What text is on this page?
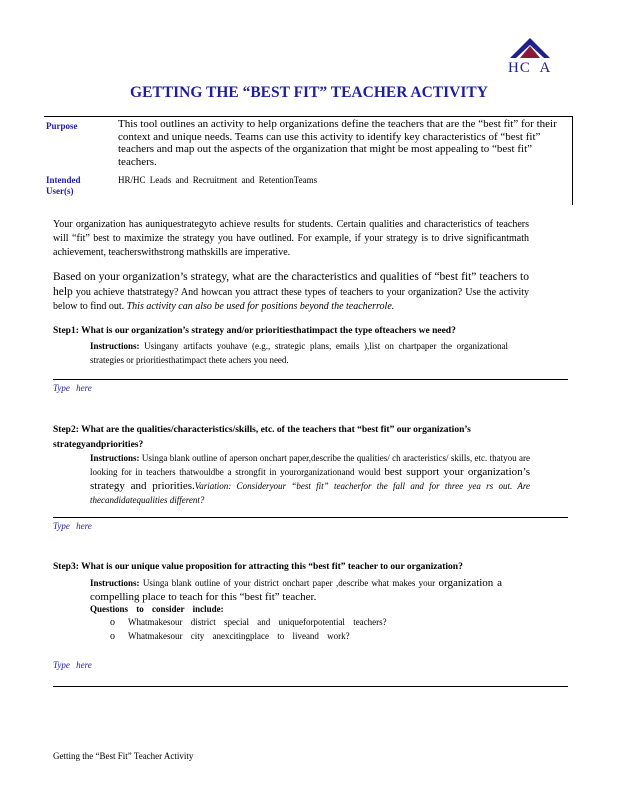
HC  A
GETTING THE “BEST FIT” TEACHER ACTIVITY
Purpose	This tool outlines an activity to help organizations define the teachers that are the “best fit” for their context and unique needs. Teams can use this activity to identify key characteristics of “best fit” teachers and map out the aspects of the organization that might be most appealing to “best fit” teachers.
Intended User(s)
HR/HC Leads and Recruitment and RetentionTeams
Your organization has auniquestrategyto achieve results for students. Certain qualities and characteristics of teachers will “fit” best to maximize the strategy you have outlined. For example, if your strategy is to drive significantmath achievement, teacherswithstrong mathskills are imperative.
Based on your organization’s strategy, what are the characteristics and qualities of “best fit” teachers to help you achieve thatstrategy? And howcan you attract these types of teachers to your organization? Use the activity below to find out. This activity can also be used for positions beyond the teacherrole.
Step1: What is our organization’s strategy and/or prioritiesthatimpact the type ofteachers we need?
Instructions: Usingany artifacts youhave (e.g., strategic plans, emails ),list on chartpaper the organizational strategies or prioritiesthatimpact thete achers you need.
Type here
Step2: What are the qualities/characteristics/skills, etc. of the teachers that “best fit” our organization’s strategyandpriorities?
Instructions: Usinga blank outline of aperson onchart paper,describe the qualities/ ch aracteristics/ skills, etc. thatyou are looking for in teachers thatwouldbe a strongfit in yourorganizationand would best support your organization’s strategy and priorities.Variation: Consideryour “best fit” teacherfor the fall and for three yea rs out. Are thecandidatequalities different?
Type here
Step3: What is our unique value proposition for attracting this “best fit” teacher to our organization?
Instructions: Usinga blank outline of your district onchart paper ,describe what makes your organization a compelling place to teach for this “best fit” teacher.
Questions to consider include:
o Whatmakesour district special and uniqueforpotential teachers?
o Whatmakesour city anexcitingplace to liveand work?
Type here
Getting the “Best Fit” Teacher Activity
